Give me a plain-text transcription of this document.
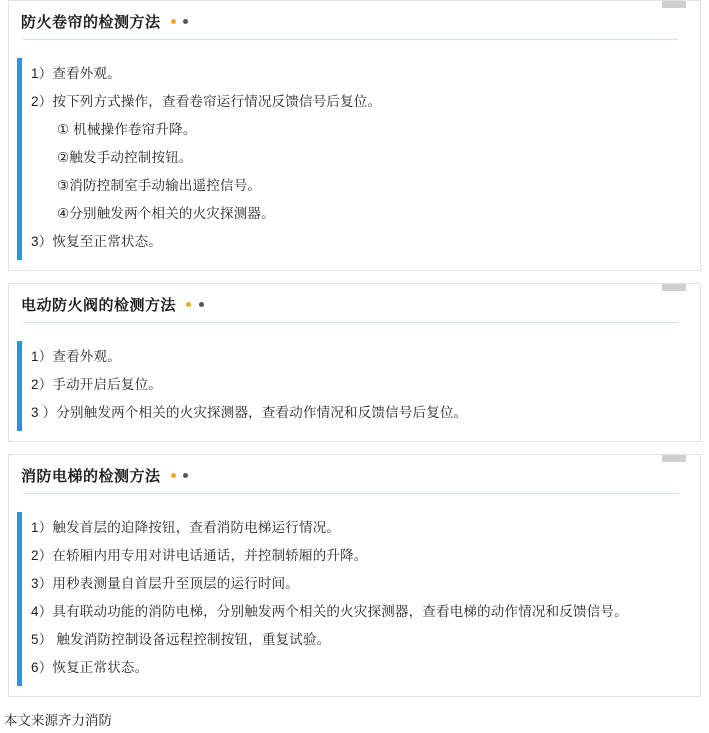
防火卷帘的检测方法
1）查看外观。
2）按下列方式操作，查看卷帘运行情况反馈信号后复位。
① 机械操作卷帘升降。
②触发手动控制按钮。
③消防控制室手动输出遥控信号。
④分别触发两个相关的火灾探测器。
3）恢复至正常状态。
电动防火阀的检测方法
1）查看外观。
2）手动开启后复位。
3 ）分别触发两个相关的火灾探测器，查看动作情况和反馈信号后复位。
消防电梯的检测方法
1）触发首层的迫降按钮，查看消防电梯运行情况。
2）在轿厢内用专用对讲电话通话，并控制轿厢的升降。
3）用秒表测量自首层升至顶层的运行时间。
4）具有联动功能的消防电梯，分别触发两个相关的火灾探测器，查看电梯的动作情况和反馈信号。
5） 触发消防控制设备远程控制按钮，重复试验。
6）恢复正常状态。
本文来源齐力消防
